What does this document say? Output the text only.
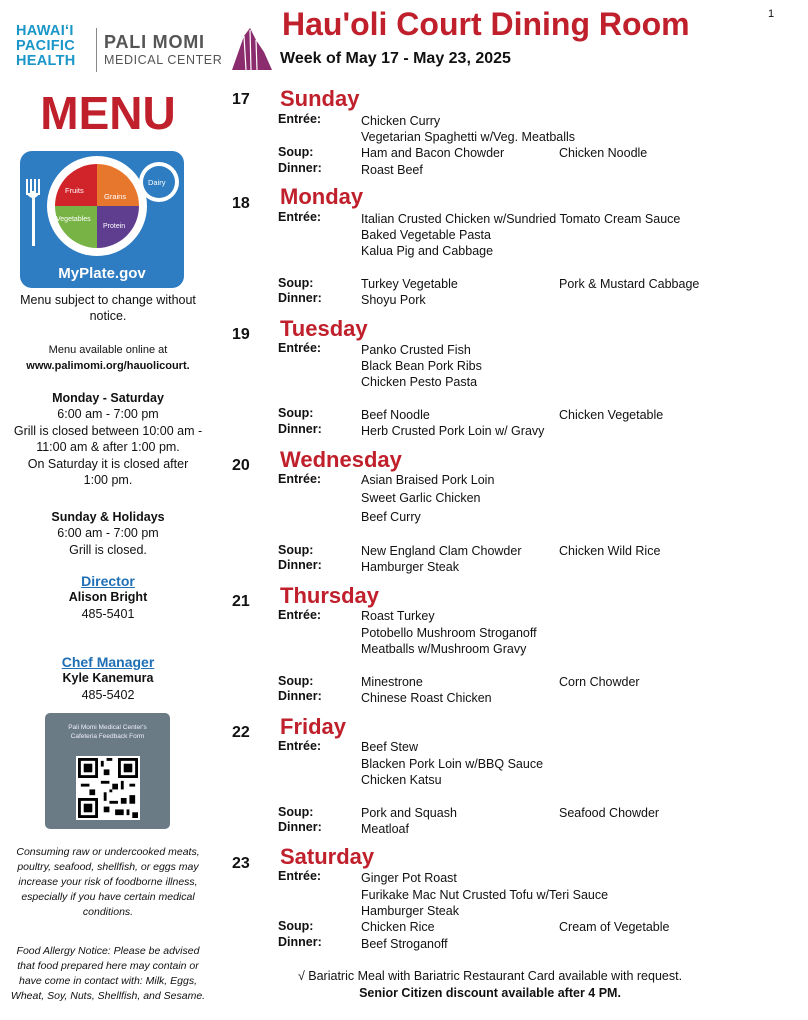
1
HAWAIʻI
PACIFIC
HEALTH
PALI MOMI
MEDICAL CENTER
Hau'oli Court Dining Room
Week of May 17 - May 23, 2025
MENU
Fruits
Grains
Vegetables
Protein
Dairy
MyPlate.gov
Menu subject to change without
notice.
Menu available online at
www.palimomi.org/hauolicourt.
Monday - Saturday
6:00 am - 7:00 pm
Grill is closed between 10:00 am -
11:00 am & after 1:00 pm.
On Saturday it is closed after
1:00 pm.
Sunday & Holidays
6:00 am - 7:00 pm
Grill is closed.
Director
Alison Bright
485-5401
Chef Manager
Kyle Kanemura
485-5402
Pali Momi Medical Center's
Cafeteria Feedback Form
Consuming raw or undercooked meats,
poultry, seafood, shellfish, or eggs may
increase your risk of foodborne illness,
especially if you have certain medical
conditions.
Food Allergy Notice: Please be advised
that food prepared here may contain or
have come in contact with: Milk, Eggs,
Wheat, Soy, Nuts, Shellfish, and Sesame.
17 Sunday
Entrée:	Chicken Curry
Vegetarian Spaghetti w/Veg. Meatballs
Soup:	Ham and Bacon Chowder	Chicken Noodle
Dinner:	Roast Beef
18 Monday
Entrée:	Italian Crusted Chicken w/Sundried Tomato Cream Sauce
Baked Vegetable Pasta
Kalua Pig and Cabbage
Soup:	Turkey Vegetable	Pork & Mustard Cabbage
Dinner:	Shoyu Pork
19 Tuesday
Entrée:	Panko Crusted Fish
Black Bean Pork Ribs
Chicken Pesto Pasta
Soup:	Beef Noodle	Chicken Vegetable
Dinner:	Herb Crusted Pork Loin w/ Gravy
20 Wednesday
Entrée:	Asian Braised Pork Loin
Sweet Garlic Chicken
Beef Curry
Soup:	New England Clam Chowder	Chicken Wild Rice
Dinner:	Hamburger Steak
21 Thursday
Entrée:	Roast Turkey
Potobello Mushroom Stroganoff
Meatballs w/Mushroom Gravy
Soup:	Minestrone	Corn Chowder
Dinner:	Chinese Roast Chicken
22 Friday
Entrée:	Beef Stew
Blacken Pork Loin w/BBQ Sauce
Chicken Katsu
Soup:	Pork and Squash	Seafood Chowder
Dinner:	Meatloaf
23 Saturday
Entrée:	Ginger Pot Roast
Furikake Mac Nut Crusted Tofu w/Teri Sauce
Hamburger Steak
Soup:	Chicken Rice	Cream of Vegetable
Dinner:	Beef Stroganoff
√ Bariatric Meal with Bariatric Restaurant Card available with request.
Senior Citizen discount available after 4 PM.
